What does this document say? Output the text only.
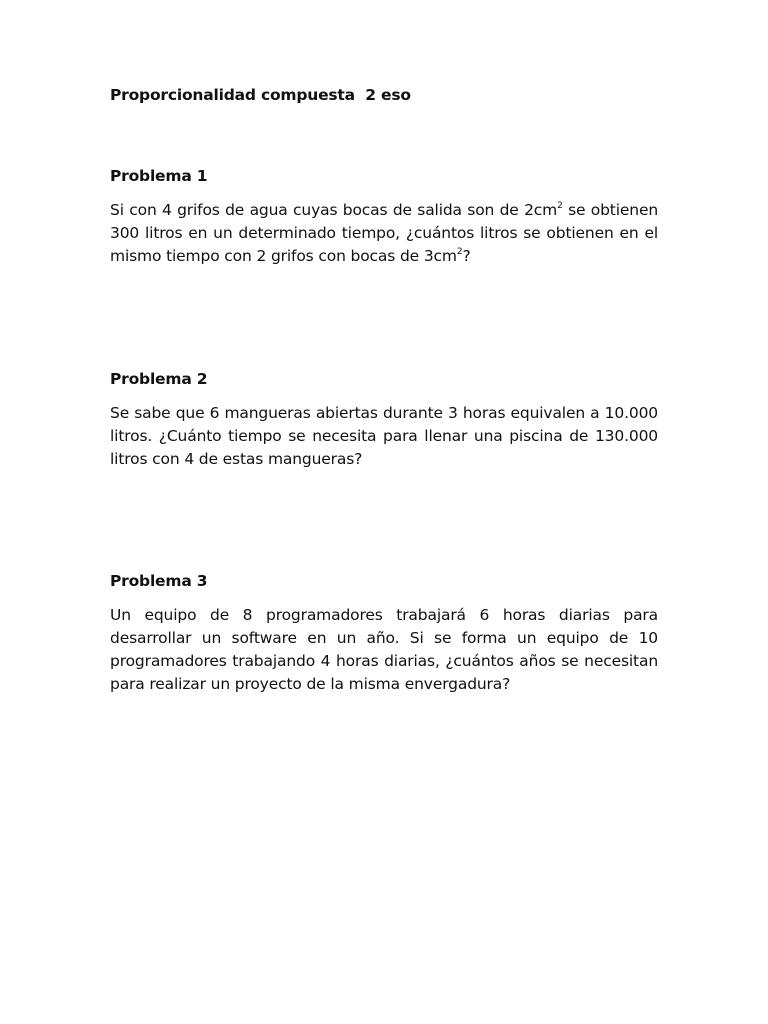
Proporcionalidad compuesta  2 eso
Problema 1

Si con 4 grifos de agua cuyas bocas de salida son de $2cm^2$ se obtienen 300 litros en un determinado tiempo, ¿cuántos litros se obtienen en el mismo tiempo con 2 grifos con bocas de $3cm^2$?

Problema 2

Se sabe que 6 mangueras abiertas durante 3 horas equivalen a 10.000 litros. ¿Cuánto tiempo se necesita para llenar una piscina de 130.000 litros con 4 de estas mangueras?

Problema 3

Un equipo de 8 programadores trabajará 6 horas diarias para desarrollar un software en un año. Si se forma un equipo de 10 programadores trabajando 4 horas diarias, ¿cuántos años se necesitan para realizar un proyecto de la misma envergadura?
